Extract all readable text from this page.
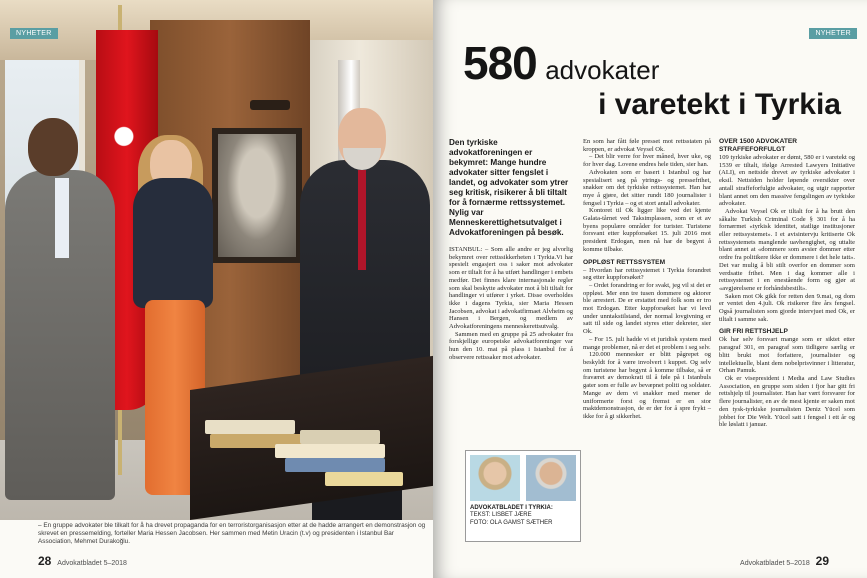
NYHETER
– En gruppe advokater ble tilkalt for å ha drevet propaganda for en terroristorganisasjon etter at de hadde arrangert en demonstrasjon og skrevet en pressemelding, forteller Maria Hessen Jacobsen. Her sammen med Metin Uracin (t.v) og presidenten i Istanbul Bar Association, Mehmet Durakoğlu.
28 Advokatbladet 5–2018
NYHETER
580 advokater
i varetekt i Tyrkia

Den tyrkiske advokatforeningen er bekymret: Mange hundre advokater sitter fengslet i landet, og advokater som ytrer seg kritisk, risikerer å bli tiltalt for å fornærme rettssystemet. Nylig var Menneskerettighetsutvalget i Advokatforeningen på besøk.

ISTANBUL: – Som alle andre er jeg alvorlig bekymret over rettssikkerheten i Tyrkia.Vi har spesielt engasjert oss i saker mot advokater som er tiltalt for å ha utført handlinger i embets medfør. Det finnes klare internasjonale regler som skal beskytte advokater mot å bli tiltalt for handlinger vi utfører i yrket. Disse overholdes ikke i dagens Tyrkia, sier Maria Hessen Jacobsen, advokat i advokatfirmaet Alvheim og Hansen i Bergen, og medlem av Advokatforeningens menneskerettsutvalg.

Sammen med en gruppe på 25 advokater fra forskjellige europeiske advokatforeninger var hun den 10. mai på plass i Istanbul for å observere rettssaker mot advokater.

ADVOKATBLADET I TYRKIA:
TEKST: LISBET JÆRE
FOTO: OLA GAMST SÆTHER

En som har fått føle presset mot rettsstaten på kroppen, er advokat Veysel Ok.

– Det blir verre for hver måned, hver uke, og for hver dag. Lovene endres hele tiden, sier han.

Advokaten som er basert i Istanbul og har spesialisert seg på ytrings- og pressefrihet, snakker om det tyrkiske rettssystemet. Han har mye å gjøre, det sitter rundt 180 journalister i fengsel i Tyrkia – og et stort antall advokater.

Kontoret til Ok ligger like ved det kjente Galata-tårnet ved Taksimplassen, som er et av byens populære områder for turister. Turistene forsvant etter kuppforsøket 15. juli 2016 mot president Erdogan, men nå har de begynt å komme tilbake.

OPPLØST RETTSSYSTEM

– Hvordan har rettssystemet i Tyrkia forandret seg etter kuppforsøket?

– Ordet forandring er for svakt, jeg vil si det er oppløst. Mer enn tre tusen dommere og aktorer ble arrestert. De er erstattet med folk som er tro mot Erdogan. Etter kuppforsøket har vi levd under unntakstilstand, der normal lovgivning er satt til side og landet styres etter dekreter, sier Ok.

– For 15. juli hadde vi et juridisk system med mange problemer, nå er det et problem i seg selv.

120.000 mennesker er blitt pågrepet og beskyldt for å være involvert i kuppet. Og selv om turistene har begynt å komme tilbake, så er fraværet av demokrati til å føle på i Istanbuls gater som er fulle av bevæpnet politi og soldater. Mange av dem vi snakker med mener de uniformerte forst og fremst er en stor maktdemonstrasjon, de er der for å spre frykt – ikke for å gi sikkerhet.

OVER 1500 ADVOKATER STRAFFEFORFULGT

109 tyrkiske advokater er dømt, 580 er i varetekt og 1539 er tiltalt, ifølge Arrested Lawyers Initiative (ALI), en nettside drevet av tyrkiske advokater i eksil. Nettsiden holder løpende oversikter over antall straffeforfulgte advokater, og utgir rapporter blant annet om den massive fengslingen av tyrkiske advokater.

Advokat Veysel Ok er tiltalt for å ha brutt den såkalte Turkish Criminal Code § 301 for å ha fornærmet «tyrkisk identitet, statlige institusjoner eller rettssystemet». I et avisintervju kritiserte Ok rettssystemets manglende uavhengighet, og uttalte blant annet at «dommere som avsier dommer etter ordre fra politikere ikke er dommere i det hele tatt». Det var mulig å bli stilt overfor en dommer som verdsatte frihet. Men i dag kommer alle i rettssystemet i en enestående form og gjør at «avgjørelsene er forhåndsbestilt».

Saken mot Ok gikk for retten den 9.mai, og dom er ventet den 4.juli. Ok risikerer fire års fengsel. Også journalisten som gjorde intervjuet med Ok, er tiltalt i samme sak.

GIR FRI RETTSHJELP

Ok har selv forsvart mange som er siktet etter paragraf 301, en paragraf som tidligere særlig er blitt brukt mot forfattere, journalister og intellektuelle, blant dem nobelprisvinner i litteratur, Orhan Pamuk.

Ok er visepresident i Media and Law Studies Association, en gruppe som siden i fjor har gitt fri rettshjelp til journalister. Han har vært forsvarer for flere journalister, en av de mest kjente er saken mot den tysk-tyrkiske journalisten Deniz Yücel som jobbet for Die Welt. Yücel satt i fengsel i ett år og ble løslatt i januar.

Advokatbladet 5–2018 29
